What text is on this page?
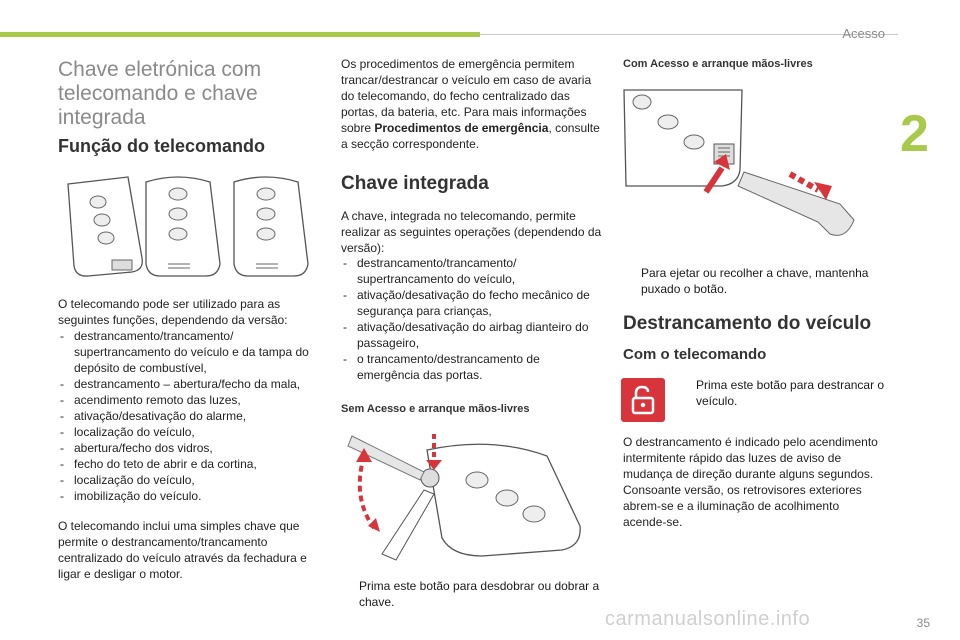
Acesso
2
Chave eletrónica com telecomando e chave integrada
Função do telecomando
O telecomando pode ser utilizado para as seguintes funções, dependendo da versão:
- destrancamento/trancamento/ supertrancamento do veículo e da tampa do depósito de combustível,
- destrancamento – abertura/fecho da mala,
- acendimento remoto das luzes,
- ativação/desativação do alarme,
- localização do veículo,
- abertura/fecho dos vidros,
- fecho do teto de abrir e da cortina,
- localização do veículo,
- imobilização do veículo.
O telecomando inclui uma simples chave que permite o destrancamento/trancamento centralizado do veículo através da fechadura e ligar e desligar o motor.
Os procedimentos de emergência permitem trancar/destrancar o veículo em caso de avaria do telecomando, do fecho centralizado das portas, da bateria, etc. Para mais informações sobre Procedimentos de emergência, consulte a secção correspondente.
Chave integrada
A chave, integrada no telecomando, permite realizar as seguintes operações (dependendo da versão):
- destrancamento/trancamento/ supertrancamento do veículo,
- ativação/desativação do fecho mecânico de segurança para crianças,
- ativação/desativação do airbag dianteiro do passageiro,
- o trancamento/destrancamento de emergência das portas.
Sem Acesso e arranque mãos-livres
Prima este botão para desdobrar ou dobrar a chave.
Com Acesso e arranque mãos-livres
Para ejetar ou recolher a chave, mantenha puxado o botão.
Destrancamento do veículo
Com o telecomando
Prima este botão para destrancar o veículo.
O destrancamento é indicado pelo acendimento intermitente rápido das luzes de aviso de mudança de direção durante alguns segundos. Consoante versão, os retrovisores exteriores abrem-se e a iluminação de acolhimento acende-se.
carmanualsonline.info	35
